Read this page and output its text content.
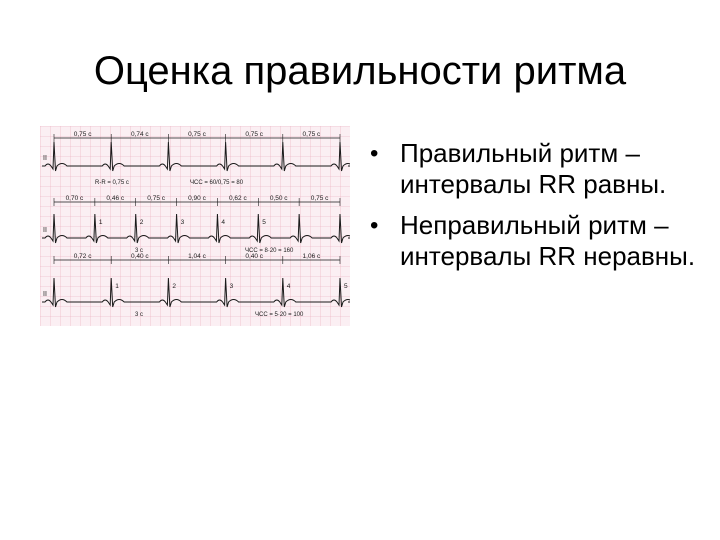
Оценка правильности ритма
0,75 с	0,74 с	0,75 с	0,75 с	0,75 с
II
0,70 с	0,46 с	0,75 с	0,90 с	0,62 с	0,50 с	0,75 с
II
1	2	3	4	5
0,72 с	0,40 с	1,04 с	0,40 с	1,06 с
II
1	2	3	4	5
R-R = 0,75 с	ЧСС = 60/0,75 = 80
3 с	ЧСС = 8·20 = 160
3 с	ЧСС = 5·20 = 100
• Правильный ритм – интервалы RR равны.
• Неправильный ритм – интервалы RR неравны.
